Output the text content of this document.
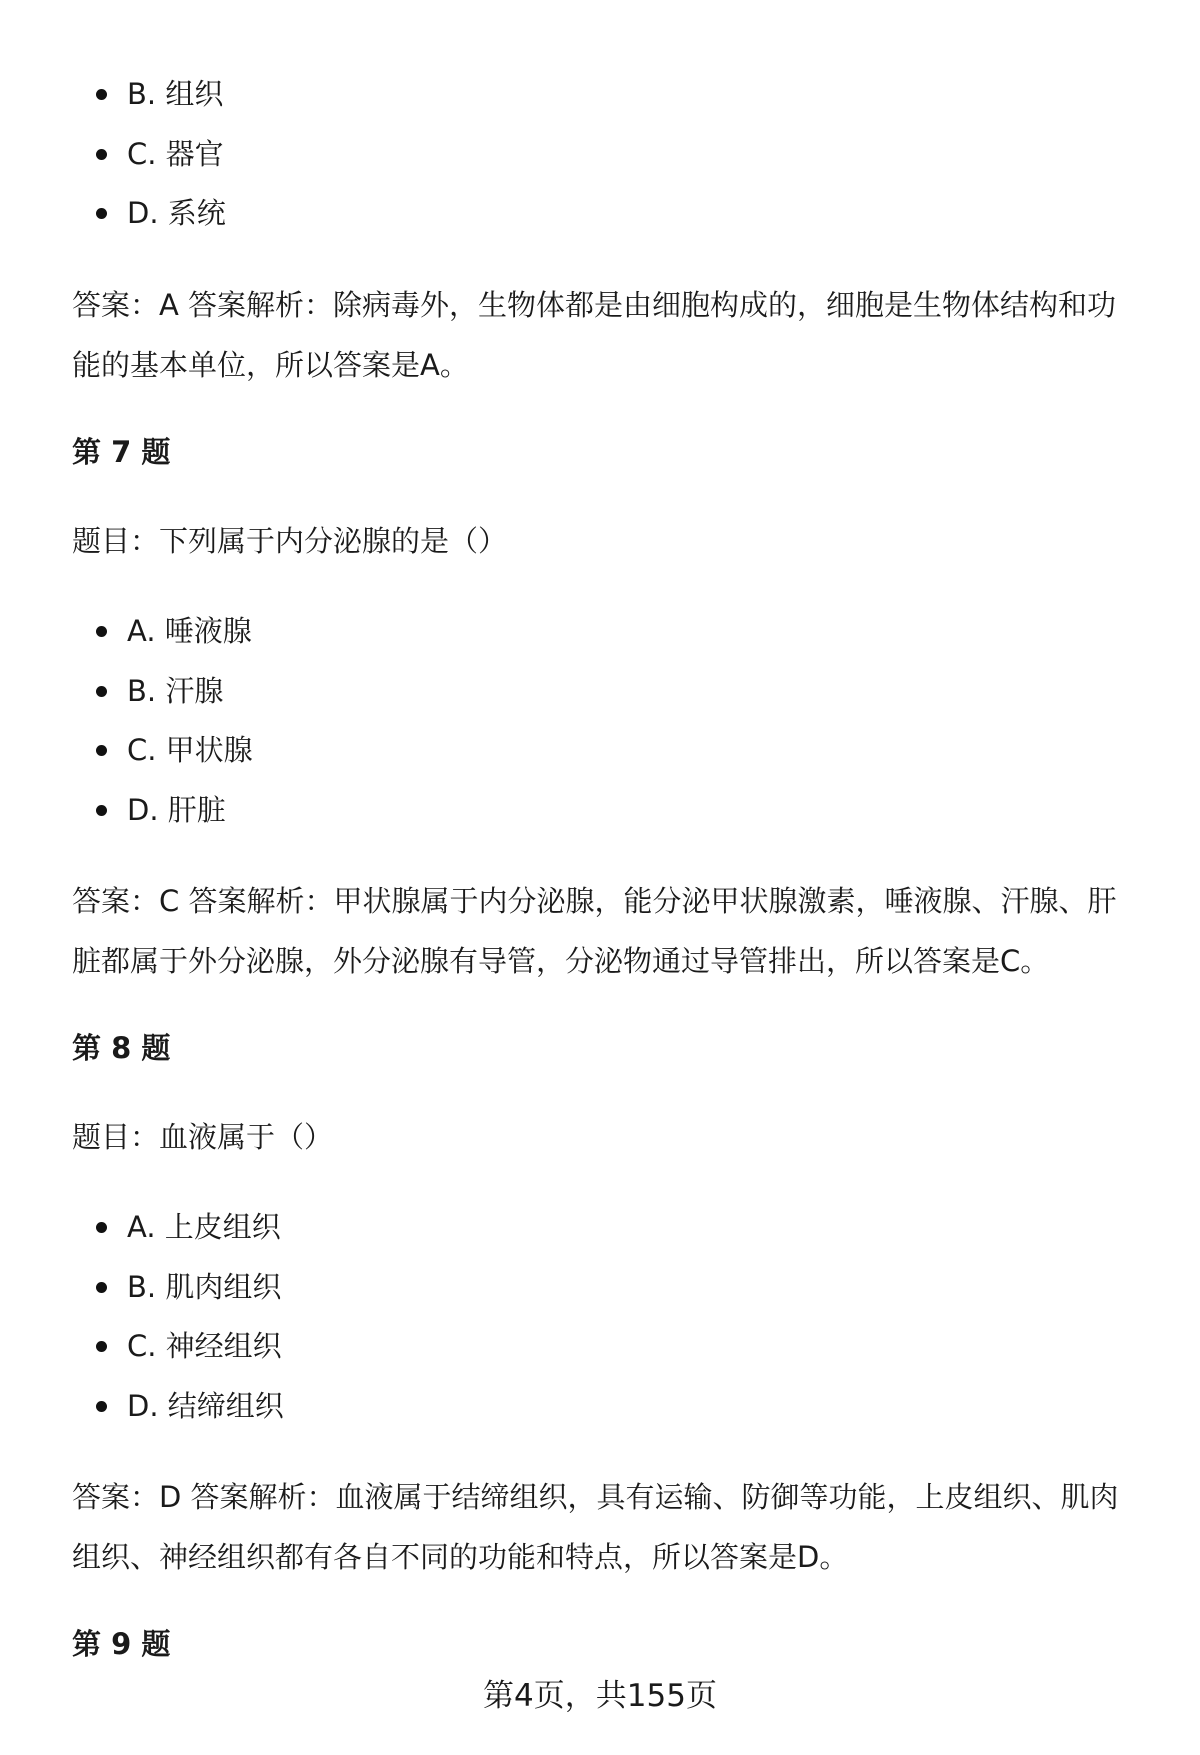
B. 组织
C. 器官
D. 系统
答案：A 答案解析：除病毒外，生物体都是由细胞构成的，细胞是生物体结构和功
能的基本单位，所以答案是A。
第 7 题
题目：下列属于内分泌腺的是（）
A. 唾液腺
B. 汗腺
C. 甲状腺
D. 肝脏
答案：C 答案解析：甲状腺属于内分泌腺，能分泌甲状腺激素，唾液腺、汗腺、肝
脏都属于外分泌腺，外分泌腺有导管，分泌物通过导管排出，所以答案是C。
第 8 题
题目：血液属于（）
A. 上皮组织
B. 肌肉组织
C. 神经组织
D. 结缔组织
答案：D 答案解析：血液属于结缔组织，具有运输、防御等功能，上皮组织、肌肉
组织、神经组织都有各自不同的功能和特点，所以答案是D。
第 9 题
第4页，共155页
